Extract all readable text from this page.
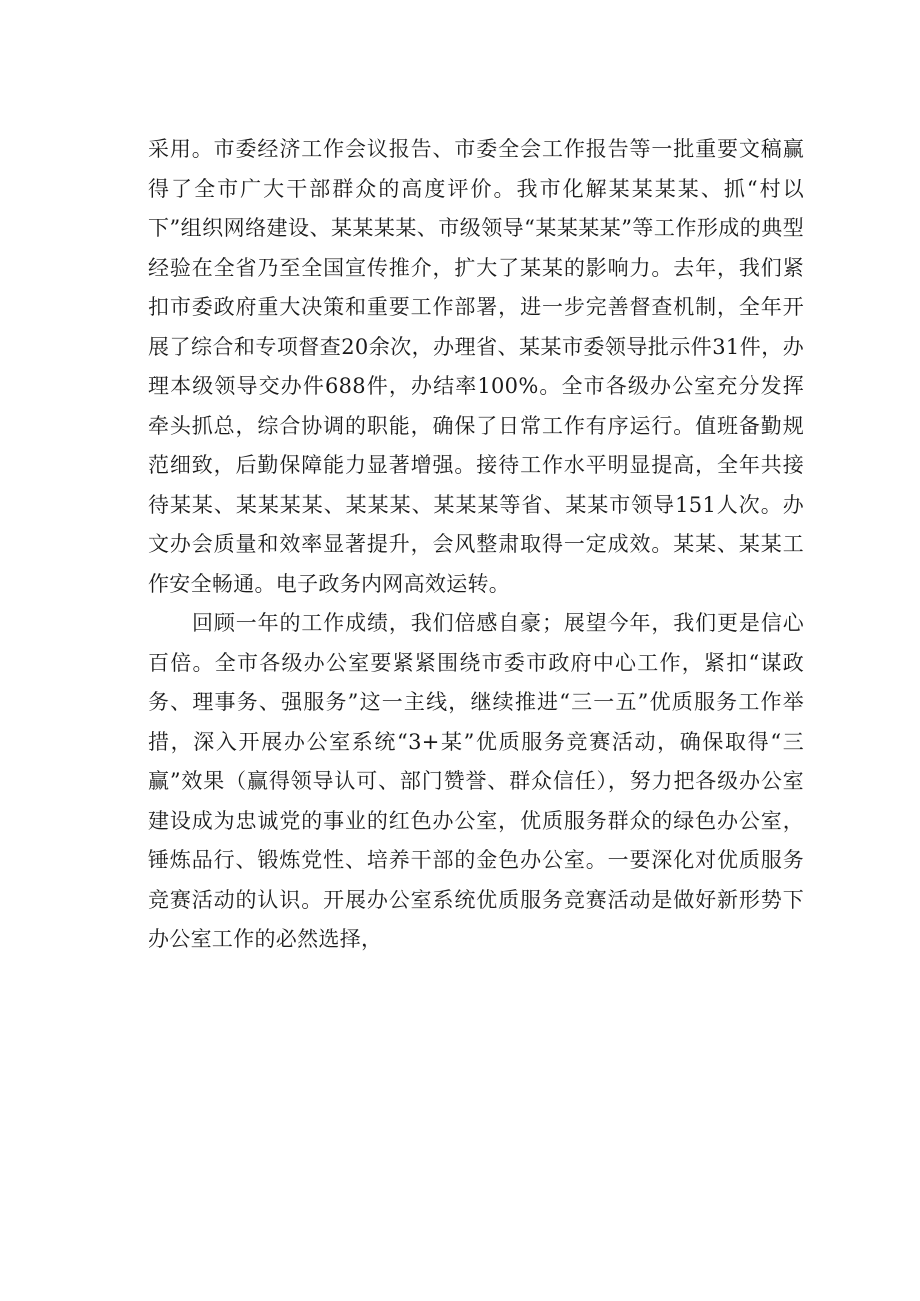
采用。市委经济工作会议报告、市委全会工作报告等一批重要文稿赢得了全市广大干部群众的高度评价。我市化解某某某某、抓“村以下”组织网络建设、某某某某、市级领导“某某某某”等工作形成的典型经验在全省乃至全国宣传推介，扩大了某某的影响力。去年，我们紧扣市委政府重大决策和重要工作部署，进一步完善督查机制，全年开展了综合和专项督查20余次，办理省、某某市委领导批示件31件，办理本级领导交办件688件，办结率100%。全市各级办公室充分发挥牵头抓总，综合协调的职能，确保了日常工作有序运行。值班备勤规范细致，后勤保障能力显著增强。接待工作水平明显提高，全年共接待某某、某某某某、某某某、某某某等省、某某市领导151人次。办文办会质量和效率显著提升，会风整肃取得一定成效。某某、某某工作安全畅通。电子政务内网高效运转。

回顾一年的工作成绩，我们倍感自豪；展望今年，我们更是信心百倍。全市各级办公室要紧紧围绕市委市政府中心工作，紧扣“谋政务、理事务、强服务”这一主线，继续推进“三一五”优质服务工作举措，深入开展办公室系统“3+某”优质服务竞赛活动，确保取得“三赢”效果（赢得领导认可、部门赞誉、群众信任），努力把各级办公室建设成为忠诚党的事业的红色办公室，优质服务群众的绿色办公室，锤炼品行、锻炼党性、培养干部的金色办公室。一要深化对优质服务竞赛活动的认识。开展办公室系统优质服务竞赛活动是做好新形势下办公室工作的必然选择，
